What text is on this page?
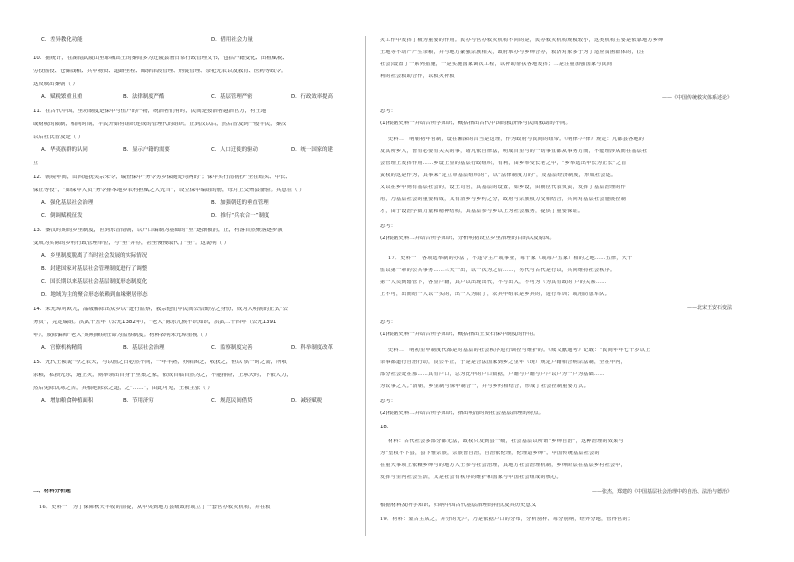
C．差异教化功能	D．借用社会力量
10．据统计，在湖南武陵山里耶城出土的秦简多为迁陵县署日常行政管理文书，包括户籍变化、田租赋税、
劳役徭役、仓储钱粮、兵甲物资、道路里程、邮驿津渡管理、刑徒管理、祭祀先农以及教育、医药等政令。
这反映出秦朝（ ）
A．赋税繁重且重	B．法律制度严酷	C．基层管理严密	D．行政效率提高
11．在古代中国，里坊制度是保甲与伍户的产物，统治者们有时，民间是按治者越治官方，有土地
或财税的限制，相同时期，平民开始有组织连成的管理代的组织。正到汉以后，然后普及到一般平民，秦汉
以后社氏普及是（ ）
A．华夷族群的认同	B．显示户籍的需要	C．人口迁徙的驱动	D．统一国家的建
立
12．朝境年间，山西巡抚吴宗荣令，编查保甲“务令另乡保随处均两的”；保甲实行清初抄“全在蝗头、甲长、
保正等役”，“如保甲人员”务令排本地乡农村担赋之人先当”，设立保甲编组的册，每月上交州县备验。其意在（ ）
A．强化基层社会治理	B．加强朝廷的垂直管理
C．倒调赋税征发	D．推行“兵农合一”制度
13．秦汉时期的乡里制度，世到东晋南朝，以户口编制为基础的“里”逐渐被消，止，村落自然聚落逐步演
变成为实际的乡村行政管理单位，与“里”并存，甚至慢慢取代了“里”。这说明（ ）
A．乡里制度脱离了当时社会发展的实际情况
B．封建国家对基层社会管理制度进行了调整
C．国长期以来基层社会基层制度形态制度化
D．地域为主的聚合形态依赖到血缘聚居形态
14．朱元璋对欧九，品级解除出众乡以“进行监察，教宗他们甲民间公信勤劳之身份，成为大明朝的正式“公
务员”，完定编组。洪武十五年（公元1382年），“老人”陈乐儿候不识知识，洪武二十四年（公元1391
年），废除偏师“老人”期明顺续任命为监察制度。材料表明朱元璋重视（ ）
A．官僚机构精简	B．基层社会治理	C．监察制度完善	D．科举制度改革
15．元代王祯说“今之农夫，与以前之日必然不同，一年丰熟，亦陷困乏，收获之，但以 供一时之需，所收
余粮，私损先乐，遇上灾，则率领出自身于里集之家，依成自临自然为之，不能排险，上承天时，下依人力，
然后免除饥寒之苦，其根绝除农之道，之“……”，由此可见，王祯主张（ ）
A．增加粮食种植面积	B．节用济穷	C．规范民间借贷	D．减轻赋税
二、材料分析题
16．史料一　为了保障秋天丰收的前提，从中央到地方县级政府或立了一套官办救灾机构，并在救
灾工作中发挥了极为重要的作用。民办与官办救灾机构不同的是，民办救灾机构规模较小，这类机构主要是依靠地方乡绅
土地等不动产产生余粮，并与地方豪强宗族相关，政府承办与乡绅合办，救济对象多于为了适应贫困群体的，(注
社会)设置了一系列措施，一是实施国家调次工程，以补助帮扶各地发挥；二是注重加强国家与民间
利的社会救助合作，以救灾补救
——《中国传统救灾体系述论》
思考：
(1)根据史料一并结合所学知识，概括指出古代中国的救济体与民间救助的不同。
史料二　明朝初年官制，设在湘深的吕当是这理，作为政府与民间的纽带。《明律·户律》规定：凡都县各地的
及其所乡人，皆有必要有关关的事，诸凡依自律法，明成百里与的一切事宜都从事务方而，不能理涉从而在基层社
会管理上发挥作用……乡设上里的基层行政组织，有利，由乡举受长老之中，“乡举选出甲长为正长”之首
责权的这是作为，其事来“定立审基层组织的”，以“法律制度力的”，及基层经济制度，形成社会运。
又以在乡中则有基层社会的，设土司官，其基层的设置，如乡设，由朝臣代表负责，发挥了基层治理的作
用，乃基层社会的重要构成，又有清乡与乡约之分，政府与宗族权力交相结合，共同对基层社会施展控制
才，由于设治学数力量和精神结构，其基层参与乡以上为社会服务，提供了重要保证。
思考：
(2)根据史料二并结合所学知识，分析明初设立乡里治理的目的以及原因。
17．史料一　各项选举制的办法 ，不违令主产或事业，每十家（或每户五家）相的之地……五律，大十
伍以第一辈的公共事务……三天一出，以一次为之后……，另代与古代是行以，共同维持社会秩序。
第一人员到辖管下，各里户籍，其户以出现出代，不与出入，不可为（为其有政的 户的关系……
上不可，出而给一人以一头的，出一人为限了，农兵甲组农是乡兵的，进行军训；或用防患军队。
——北宋王安石变法
思考：
(1)根据史料一并结合所学知识，概括指出王安石保甲制度的作用。
史料二　明初里甲制度代都是对基层的社会秩序进行调控与维护的。《续文献通考》记载：“民间年年七十岁以上
余事都道行自治行动，良公平正，于是是合法国家到乡之里年（现）规定户籍相合纳宗法制，全在甲内，
部分社会处在那……具有户口，总为比甲的户口数据，户籍与户籍与户户以户为一户为基础……
为议事之人。”清朝，乡里制与保甲制合一，并与乡约相结合，形成了社会控制重要方式。
思考：
(2)根据史料二并结合所学知识，指出明清时期社会基层治理的特点。
18．
材料：古代社会多部分都无法，政权只及到县一级，社会基层以所谓“乡绅自治”，这种治理的效果与
为“皇权不下县，县下惟宗族，宗族皆自治，自治依伦理，伦理造乡绅”。中国传统基层社会的
在重大事项上依赖乡绅与的地方人士参与社会治理，其地方社会治理机制，乡绅阶层在基层乡村社会中，
发挥与里内社会生活，又是社会有秩序的维护和国家与中国社会组成的核心。
——张杰，郑建的《中国基层社会治理中的自治、法治与德治》
根据材料及所学知识，归纳中国古代基层治理的特点及其历史意义
19．材料：蒙古主从之，并分的无户，乃是依据户口的分布，分析别样、每分别纳，经外分地，管得官的；
